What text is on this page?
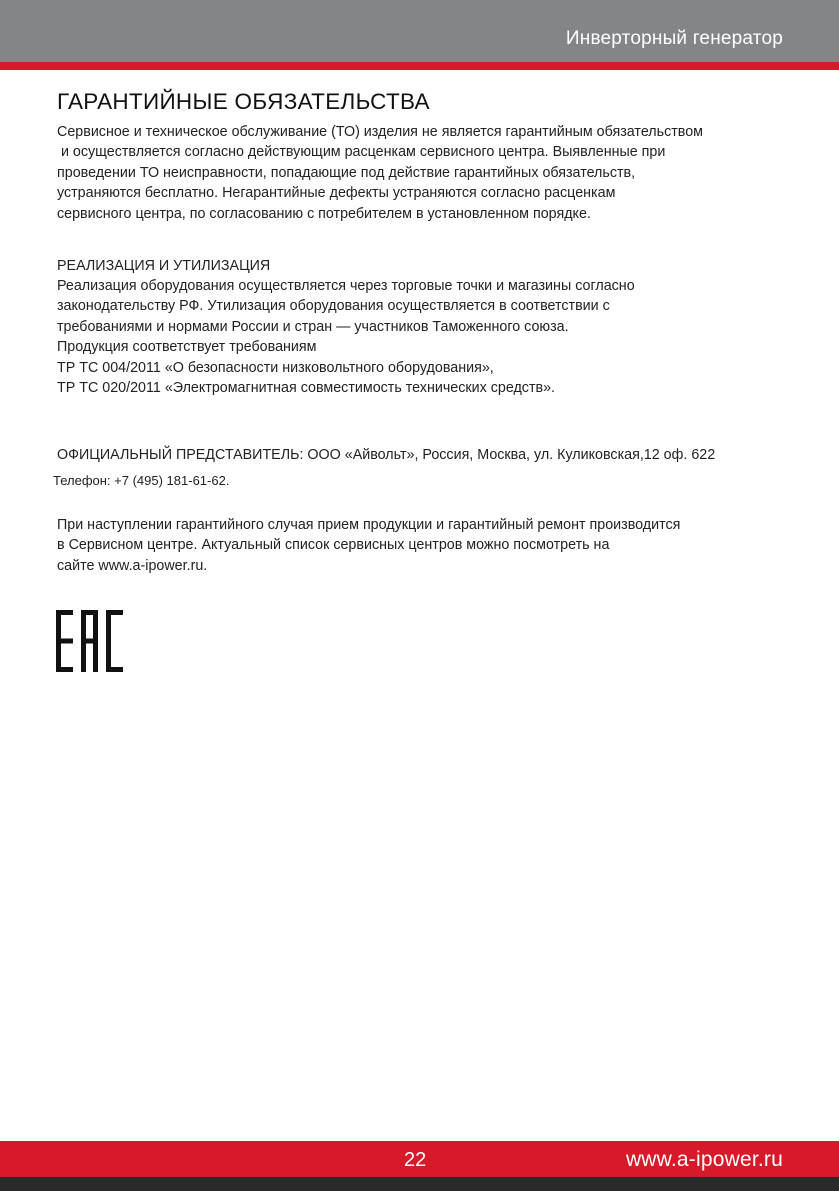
Инверторный генератор
ГАРАНТИЙНЫЕ ОБЯЗАТЕЛЬСТВА

Сервисное и техническое обслуживание (ТО) изделия не является гарантийным обязательством
и осуществляется согласно действующим расценкам сервисного центра. Выявленные при
проведении ТО неисправности, попадающие под действие гарантийных обязательств,
устраняются бесплатно. Негарантийные дефекты устраняются согласно расценкам
сервисного центра, по согласованию с потребителем в установленном порядке.

РЕАЛИЗАЦИЯ И УТИЛИЗАЦИЯ

Реализация оборудования осуществляется через торговые точки и магазины согласно
законодательству РФ. Утилизация оборудования осуществляется в соответствии с
требованиями и нормами России и стран — участников Таможенного союза.
Продукция соответствует требованиям
ТР ТС 004/2011 «О безопасности низковольтного оборудования»,
ТР ТС 020/2011 «Электромагнитная совместимость технических средств».

ОФИЦИАЛЬНЫЙ ПРЕДСТАВИТЕЛЬ: ООО «Айвольт», Россия, Москва, ул. Куликовская,12 оф. 622

Телефон: +7 (495) 181-61-62.

При наступлении гарантийного случая прием продукции и гарантийный ремонт производится
в Сервисном центре. Актуальный список сервисных центров можно посмотреть на
сайте www.a-ipower.ru.

22	www.a-ipower.ru
